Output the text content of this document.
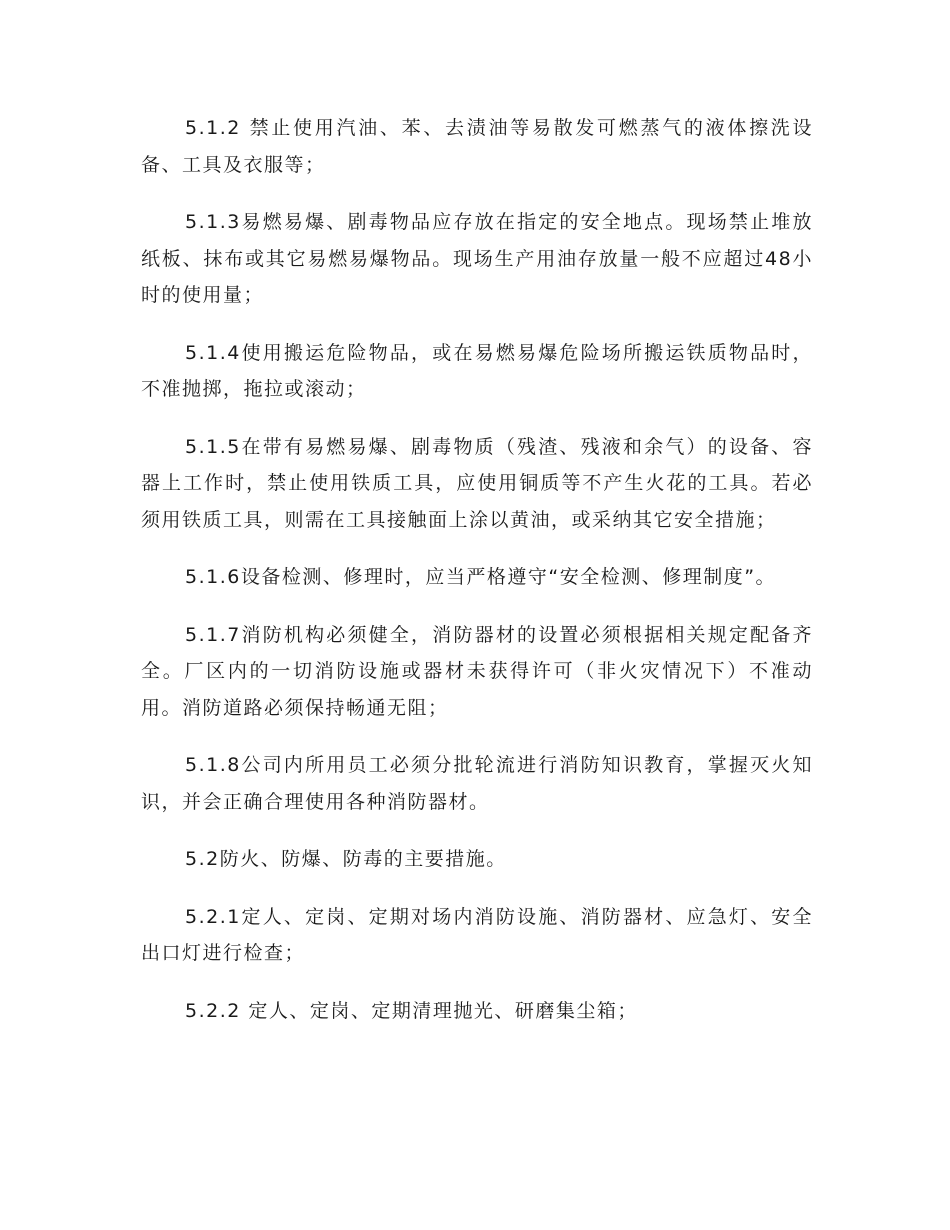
5.1.2 禁止使用汽油、苯、去渍油等易散发可燃蒸气的液体擦洗设备、工具及衣服等；

5.1.3易燃易爆、剧毒物品应存放在指定的安全地点。现场禁止堆放纸板、抹布或其它易燃易爆物品。现场生产用油存放量一般不应超过48小时的使用量；

5.1.4使用搬运危险物品，或在易燃易爆危险场所搬运铁质物品时，不准抛掷，拖拉或滚动；

5.1.5在带有易燃易爆、剧毒物质（残渣、残液和余气）的设备、容器上工作时，禁止使用铁质工具，应使用铜质等不产生火花的工具。若必须用铁质工具，则需在工具接触面上涂以黄油，或采纳其它安全措施；

5.1.6设备检测、修理时，应当严格遵守“安全检测、修理制度”。

5.1.7消防机构必须健全，消防器材的设置必须根据相关规定配备齐全。厂区内的一切消防设施或器材未获得许可（非火灾情况下）不准动用。消防道路必须保持畅通无阻；

5.1.8公司内所用员工必须分批轮流进行消防知识教育，掌握灭火知识，并会正确合理使用各种消防器材。

5.2防火、防爆、防毒的主要措施。

5.2.1定人、定岗、定期对场内消防设施、消防器材、应急灯、安全出口灯进行检查；

5.2.2 定人、定岗、定期清理抛光、研磨集尘箱；
